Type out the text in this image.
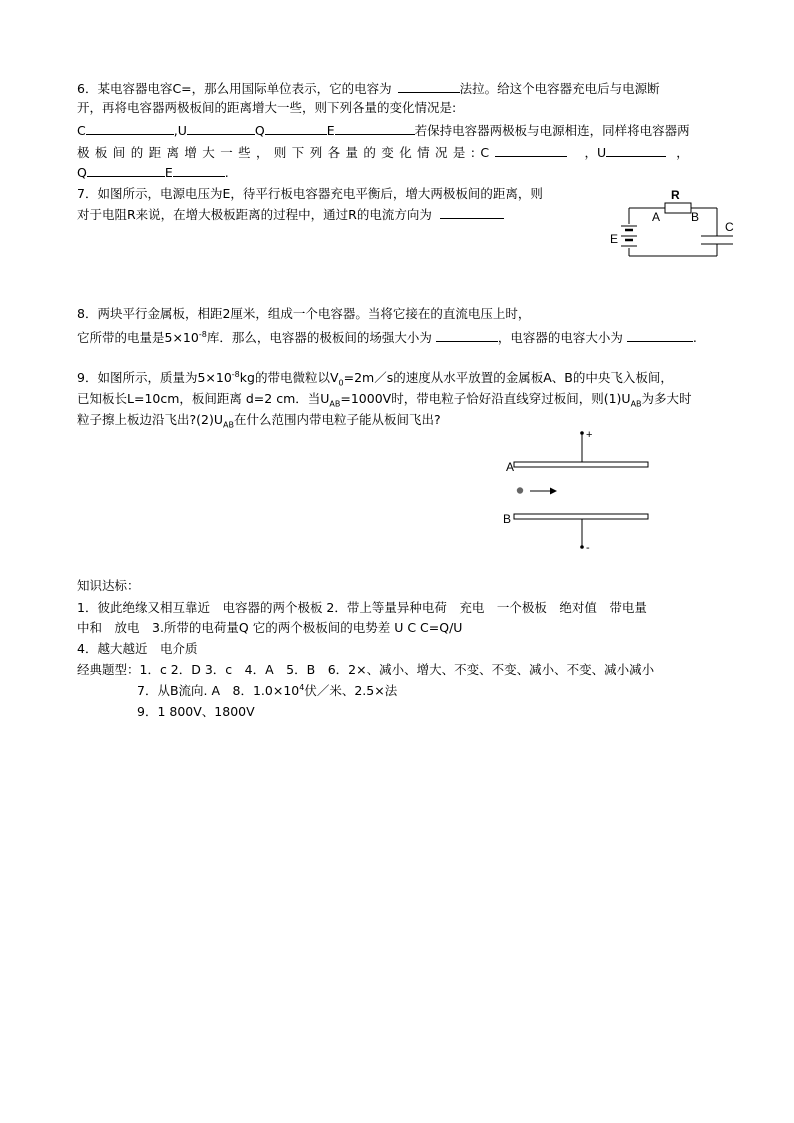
6．某电容器电容C=，那么用国际单位表示，它的电容为	法拉。给这个电容器充电后与电源断
开，再将电容器两极板间的距离增大一些，则下列各量的变化情况是:
C	,U	Q	E	若保持电容器两极板与电源相连，同样将电容器两
极板间的距离增大一些，则下列各量的变化情况是:C	，U	，
Q	E	.
7．如图所示，电源电压为E，待平行板电容器充电平衡后，增大两极板间的距离，则
对于电阻R来说，在增大极板距离的过程中，通过R的电流方向为
R
A	B
C
E
8．两块平行金属板，相距2厘米，组成一个电容器。当将它接在的直流电压上时，
它所带的电量是$5\times 10^{-8}$库．那么，电容器的极板间的场强大小为	，电容器的电容大小为	.
9．如图所示，质量为$5\times 10^{-8}kg$的带电微粒以$V_0=2m/s$的速度从水平放置的金属板A、B的中央飞入板间，
已知板长L=10cm，板间距离 d=2 cm．当$U_{AB}=1000V$时，带电粒子恰好沿直线穿过板间，则$(1)U_{AB}$为多大时
粒子擦上板边沿飞出$?(2)U_{AB}$在什么范围内带电粒子能从板间飞出?
+
-
A
B
知识达标：
1．彼此绝缘又相互靠近　电容器的两个极板 2．带上等量异种电荷　充电　一个极板　绝对值　带电量
中和　放电　3.所带的电荷量Q 它的两个极板间的电势差 U C C=Q/U
4．越大越近　电介质
经典题型：1．c 2．D 3．c　4．A　5．B　6．2×、减小、增大、不变、不变、减小、不变、减小减小
7．从B流向. A　8．$1.0\times 10^4$伏／米、2.5×法
9．1 800V、1800V
